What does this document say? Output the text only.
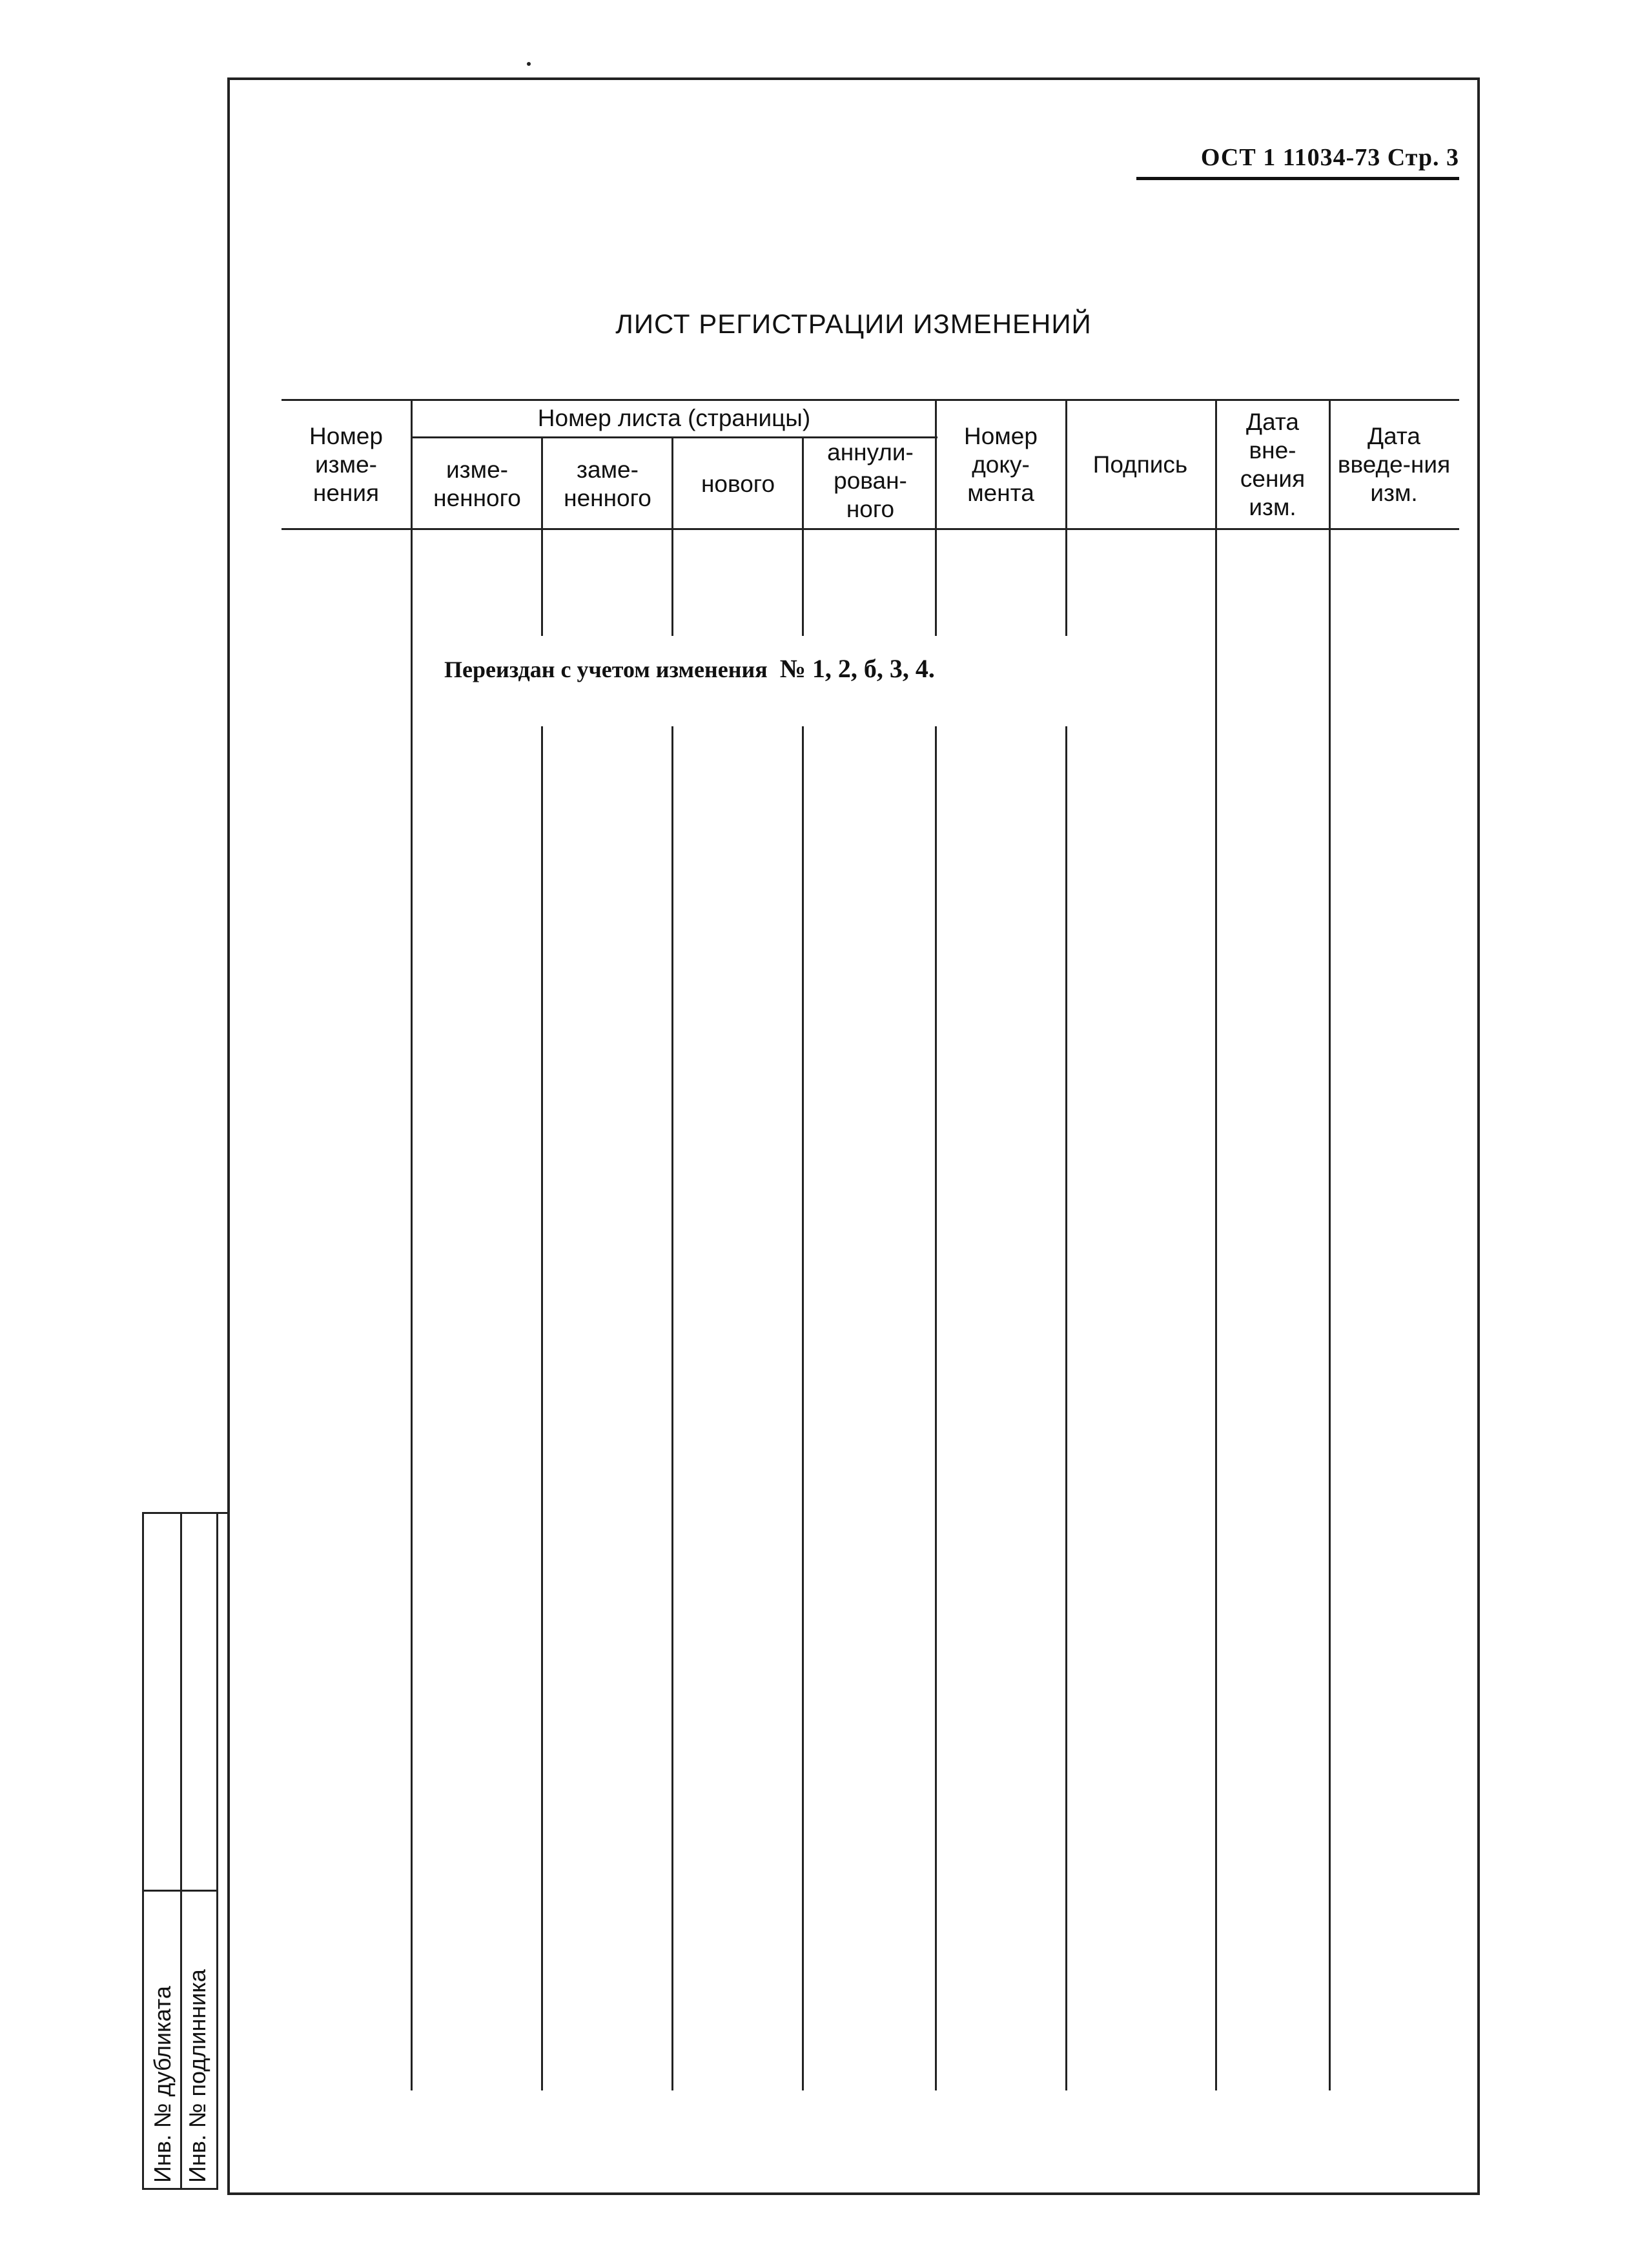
ОСТ 1 11034-73 Стр. 3
ЛИСТ РЕГИСТРАЦИИ ИЗМЕНЕНИЙ
Номер изме-нения
Номер листа (страницы)
изме-ненного
заме-ненного
нового
аннули-рован-ного
Номер доку-мента
Подпись
Дата вне-сения изм.
Дата введе-ния изм.
Переиздан с учетом изменения № 1, 2, б, 3, 4.
Инв. № дубликата Инв. № подлинника
